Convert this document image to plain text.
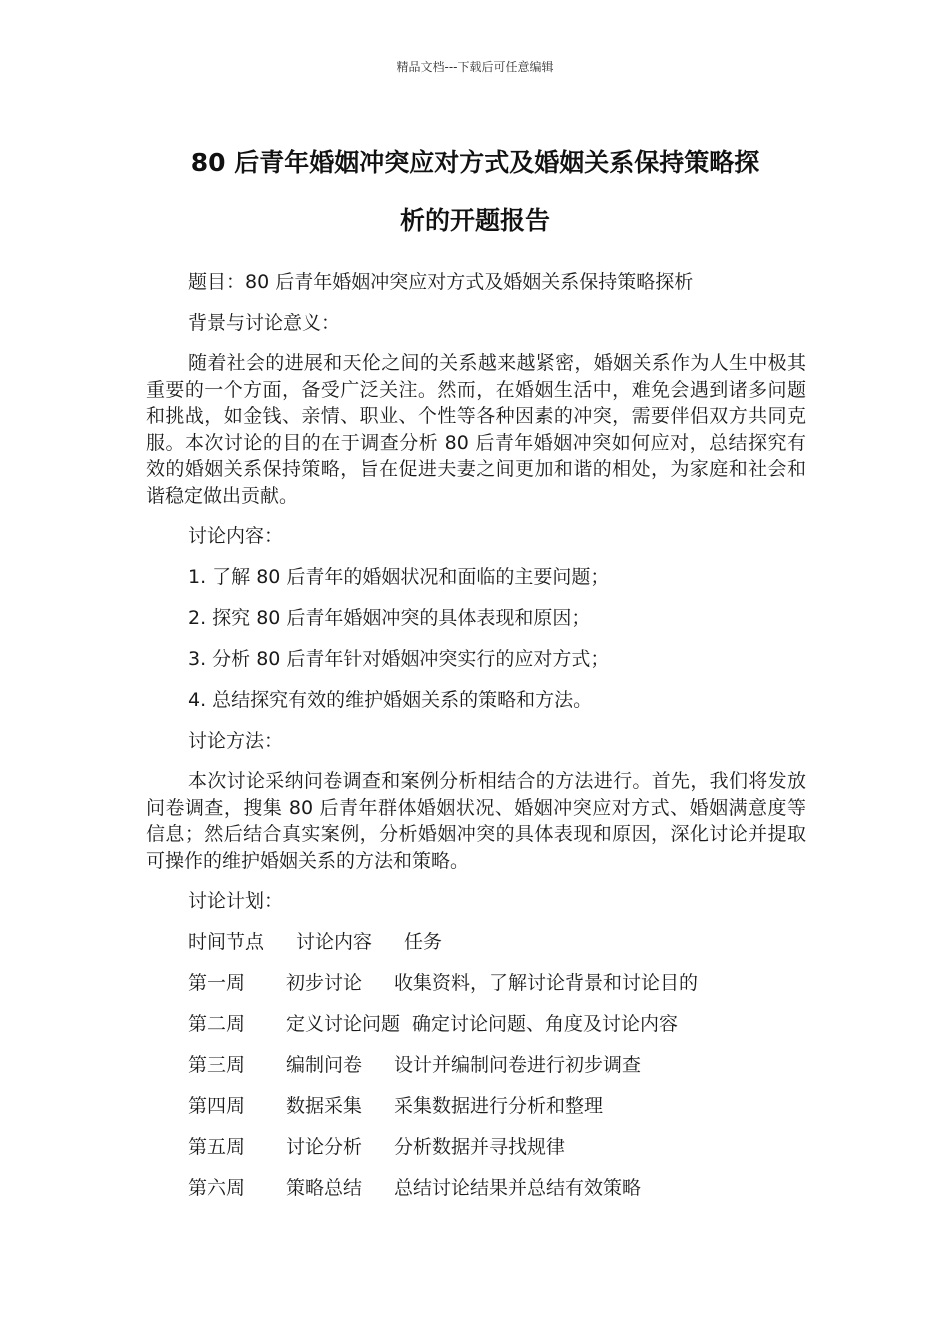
精品文档---下载后可任意编辑
80 后青年婚姻冲突应对方式及婚姻关系保持策略探
析的开题报告
题目：80 后青年婚姻冲突应对方式及婚姻关系保持策略探析
背景与讨论意义：
随着社会的进展和天伦之间的关系越来越紧密，婚姻关系作为人生中极其重要的一个方面，备受广泛关注。然而，在婚姻生活中，难免会遇到诸多问题和挑战，如金钱、亲情、职业、个性等各种因素的冲突，需要伴侣双方共同克服。本次讨论的目的在于调查分析 80 后青年婚姻冲突如何应对，总结探究有效的婚姻关系保持策略，旨在促进夫妻之间更加和谐的相处，为家庭和社会和谐稳定做出贡献。
讨论内容：
1. 了解 80 后青年的婚姻状况和面临的主要问题；
2. 探究 80 后青年婚姻冲突的具体表现和原因；
3. 分析 80 后青年针对婚姻冲突实行的应对方式；
4. 总结探究有效的维护婚姻关系的策略和方法。
讨论方法：
本次讨论采纳问卷调查和案例分析相结合的方法进行。首先，我们将发放问卷调查，搜集 80 后青年群体婚姻状况、婚姻冲突应对方式、婚姻满意度等信息；然后结合真实案例，分析婚姻冲突的具体表现和原因，深化讨论并提取可操作的维护婚姻关系的方法和策略。
讨论计划：
时间节点 讨论内容 任务
第一周 初步讨论 收集资料，了解讨论背景和讨论目的
第二周 定义讨论问题 确定讨论问题、角度及讨论内容
第三周 编制问卷 设计并编制问卷进行初步调查
第四周 数据采集 采集数据进行分析和整理
第五周 讨论分析 分析数据并寻找规律
第六周 策略总结 总结讨论结果并总结有效策略
